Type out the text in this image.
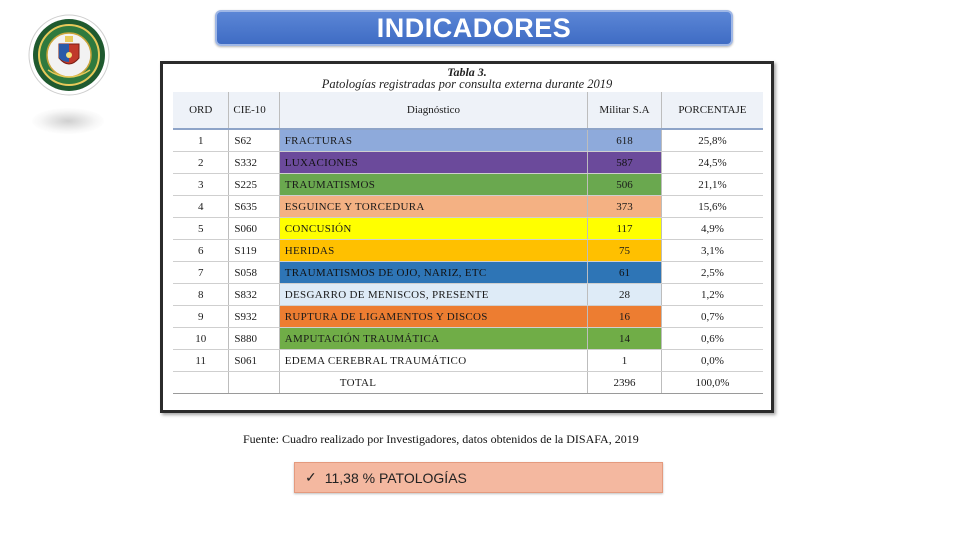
INDICADORES
Tabla 3.
Patologías registradas por consulta externa durante 2019
ORD	CIE-10	Diagnóstico	Militar S.A	PORCENTAJE
1	S62	FRACTURAS	618	25,8%
2	S332	LUXACIONES	587	24,5%
3	S225	TRAUMATISMOS	506	21,1%
4	S635	ESGUINCE Y TORCEDURA	373	15,6%
5	S060	CONCUSIÓN	117	4,9%
6	S119	HERIDAS	75	3,1%
7	S058	TRAUMATISMOS DE OJO, NARIZ, ETC	61	2,5%
8	S832	DESGARRO DE MENISCOS, PRESENTE	28	1,2%
9	S932	RUPTURA DE LIGAMENTOS Y DISCOS	16	0,7%
10	S880	AMPUTACIÓN TRAUMÁTICA	14	0,6%
11	S061	EDEMA CEREBRAL TRAUMÁTICO	1	0,0%
		TOTAL	2396	100,0%
Fuente: Cuadro realizado por Investigadores, datos obtenidos de la DISAFA, 2019
✓ 11,38 % PATOLOGÍAS
